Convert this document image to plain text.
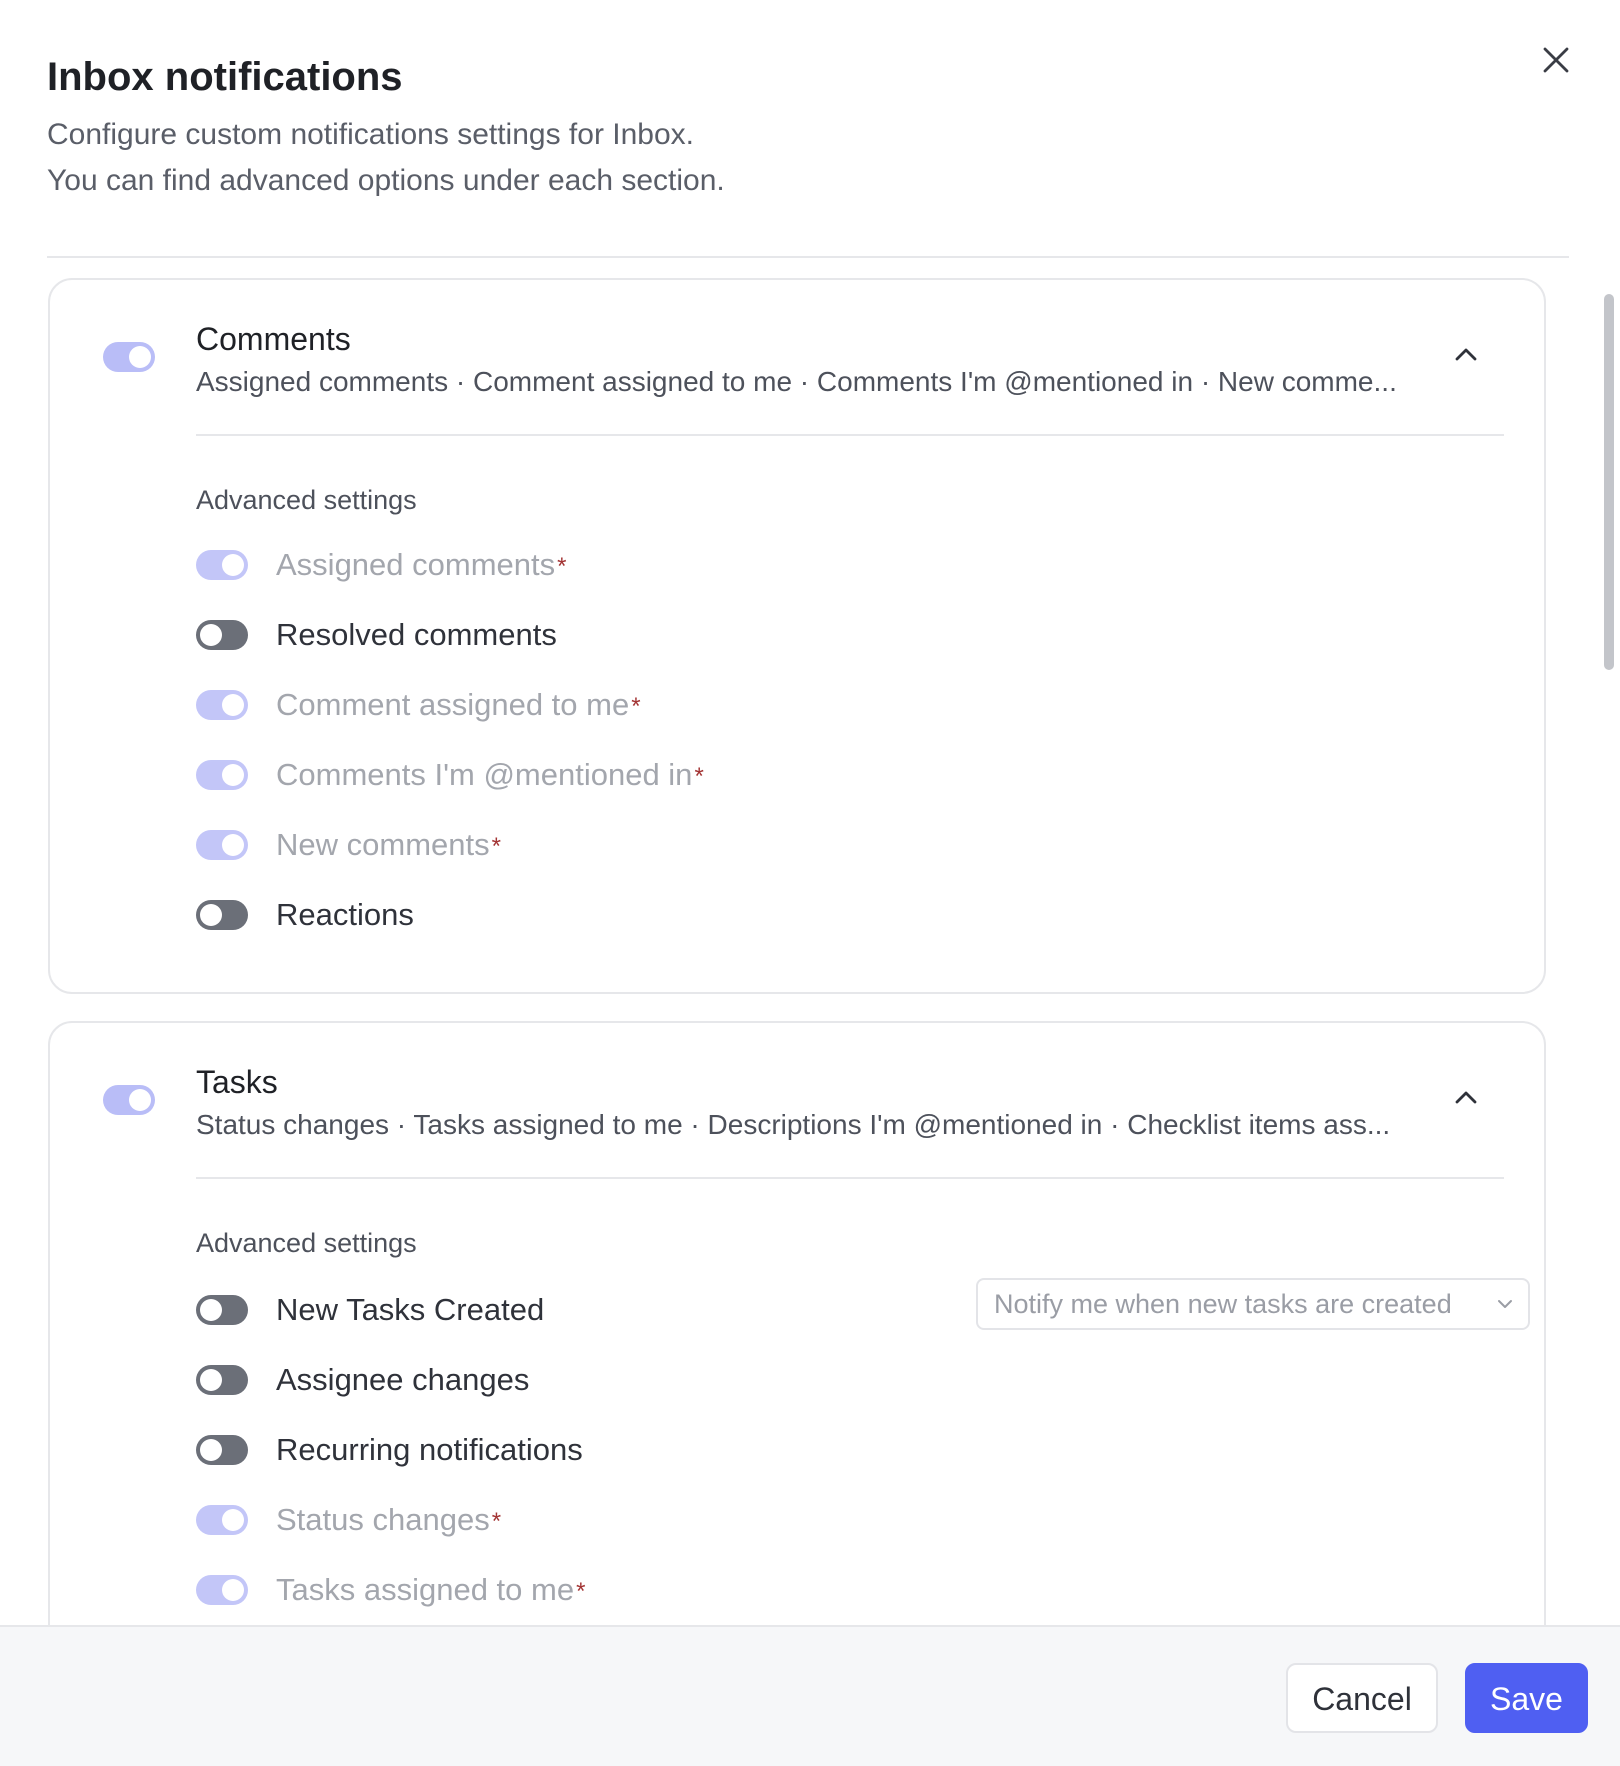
Inbox notifications
Configure custom notifications settings for Inbox.
You can find advanced options under each section.
Comments
Assigned comments · Comment assigned to me · Comments I'm @mentioned in · New comme...
Advanced settings
Assigned comments*
Resolved comments
Comment assigned to me*
Comments I'm @mentioned in*
New comments*
Reactions
Tasks
Status changes · Tasks assigned to me · Descriptions I'm @mentioned in · Checklist items ass...
Advanced settings
New Tasks Created	Notify me when new tasks are created
Assignee changes
Recurring notifications
Status changes*
Tasks assigned to me*
Cancel	Save
